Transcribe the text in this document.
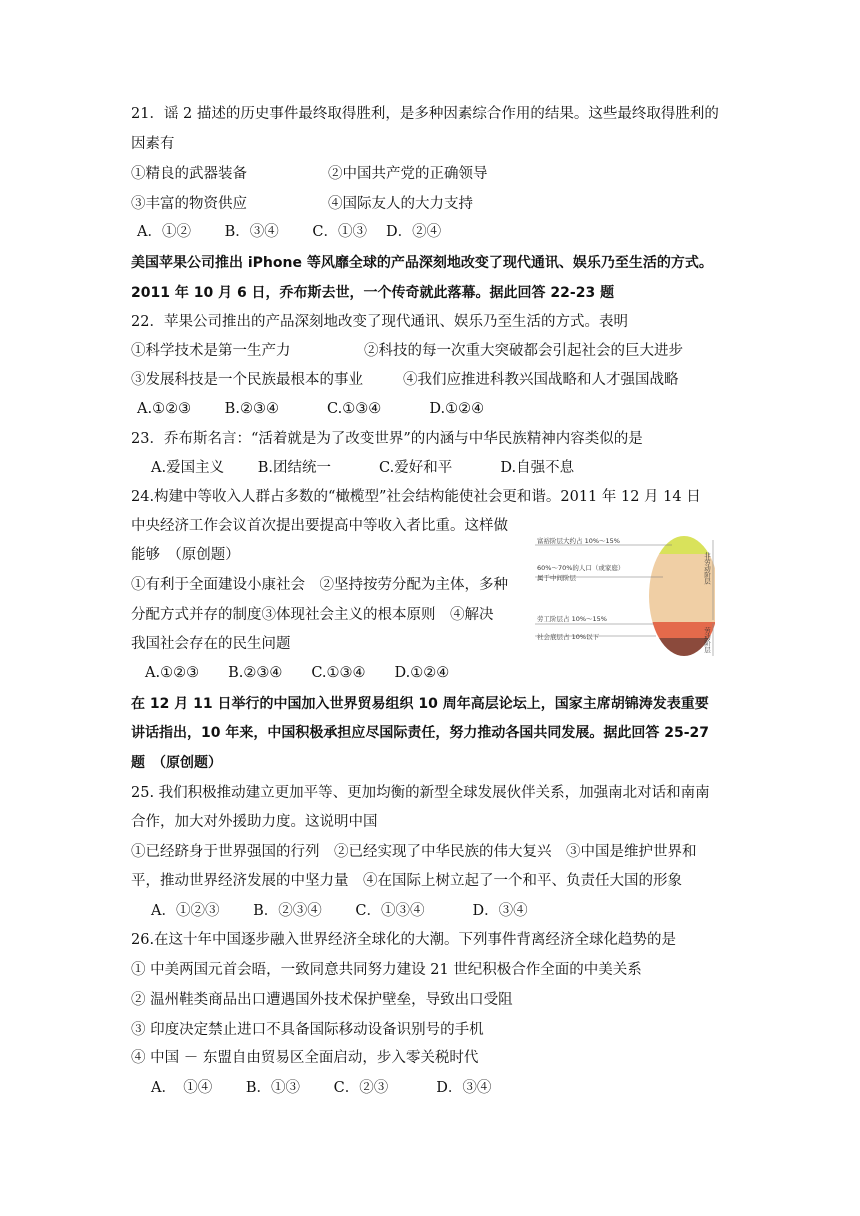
21．谣 2 描述的历史事件最终取得胜利，是多种因素综合作用的结果。这些最终取得胜利的
因素有
①精良的武器装备	②中国共产党的正确领导
③丰富的物资供应	④国际友人的大力支持
A．①②　　 B．③④　　 C．①③　 D．②④
美国苹果公司推出 iPhone 等风靡全球的产品深刻地改变了现代通讯、娱乐乃至生活的方式。
2011 年 10 月 6 日，乔布斯去世，一个传奇就此落幕。据此回答 22-23 题
22．苹果公司推出的产品深刻地改变了现代通讯、娱乐乃至生活的方式。表明
①科学技术是第一生产力	②科技的每一次重大突破都会引起社会的巨大进步
③发展科技是一个民族最根本的事业	④我们应推进科教兴国战略和人才强国战略
A.①②③　　 B.②③④　　　 C.①③④　　　 D.①②④
23．乔布斯名言：“活着就是为了改变世界”的内涵与中华民族精神内容类似的是
A.爱国主义　　 B.团结统一　　　 C.爱好和平　　　 D.自强不息
24.构建中等收入人群占多数的“橄榄型”社会结构能使社会更和谐。2011 年 12 月 14 日
中央经济工作会议首次提出要提高中等收入者比重。这样做
能够　（原创题）
①有利于全面建设小康社会　②坚持按劳分配为主体，多种
分配方式并存的制度③体现社会主义的根本原则　④解决
我国社会存在的民生问题
A.①②③　　B.②③④　　C.①③④　　D.①②④
富裕阶层大约占 10%～15%
60%～70%的人口（或家庭）
属于中间阶层
劳工阶层占 10%～15%
社会底层占 10%以下
非劳动阶层
劳动阶层
在 12 月 11 日举行的中国加入世界贸易组织 10 周年高层论坛上，国家主席胡锦涛发表重要
讲话指出，10 年来，中国积极承担应尽国际责任，努力推动各国共同发展。据此回答 25-27
题　（原创题）
25. 我们积极推动建立更加平等、更加均衡的新型全球发展伙伴关系，加强南北对话和南南
合作，加大对外援助力度。这说明中国
①已经跻身于世界强国的行列　②已经实现了中华民族的伟大复兴　③中国是维护世界和
平，推动世界经济发展的中坚力量　④在国际上树立起了一个和平、负责任大国的形象
A．①②③　　 B．②③④　　 C．①③④　　　 D．③④
26.在这十年中国逐步融入世界经济全球化的大潮。下列事件背离经济全球化趋势的是
① 中美两国元首会晤，一致同意共同努力建设 21 世纪积极合作全面的中美关系
② 温州鞋类商品出口遭遇国外技术保护壁垒，导致出口受阻
③ 印度决定禁止进口不具备国际移动设备识别号的手机
④ 中国 － 东盟自由贸易区全面启动，步入零关税时代
A．　①④　　 B．①③　　 C．②③　　　 D．③④
